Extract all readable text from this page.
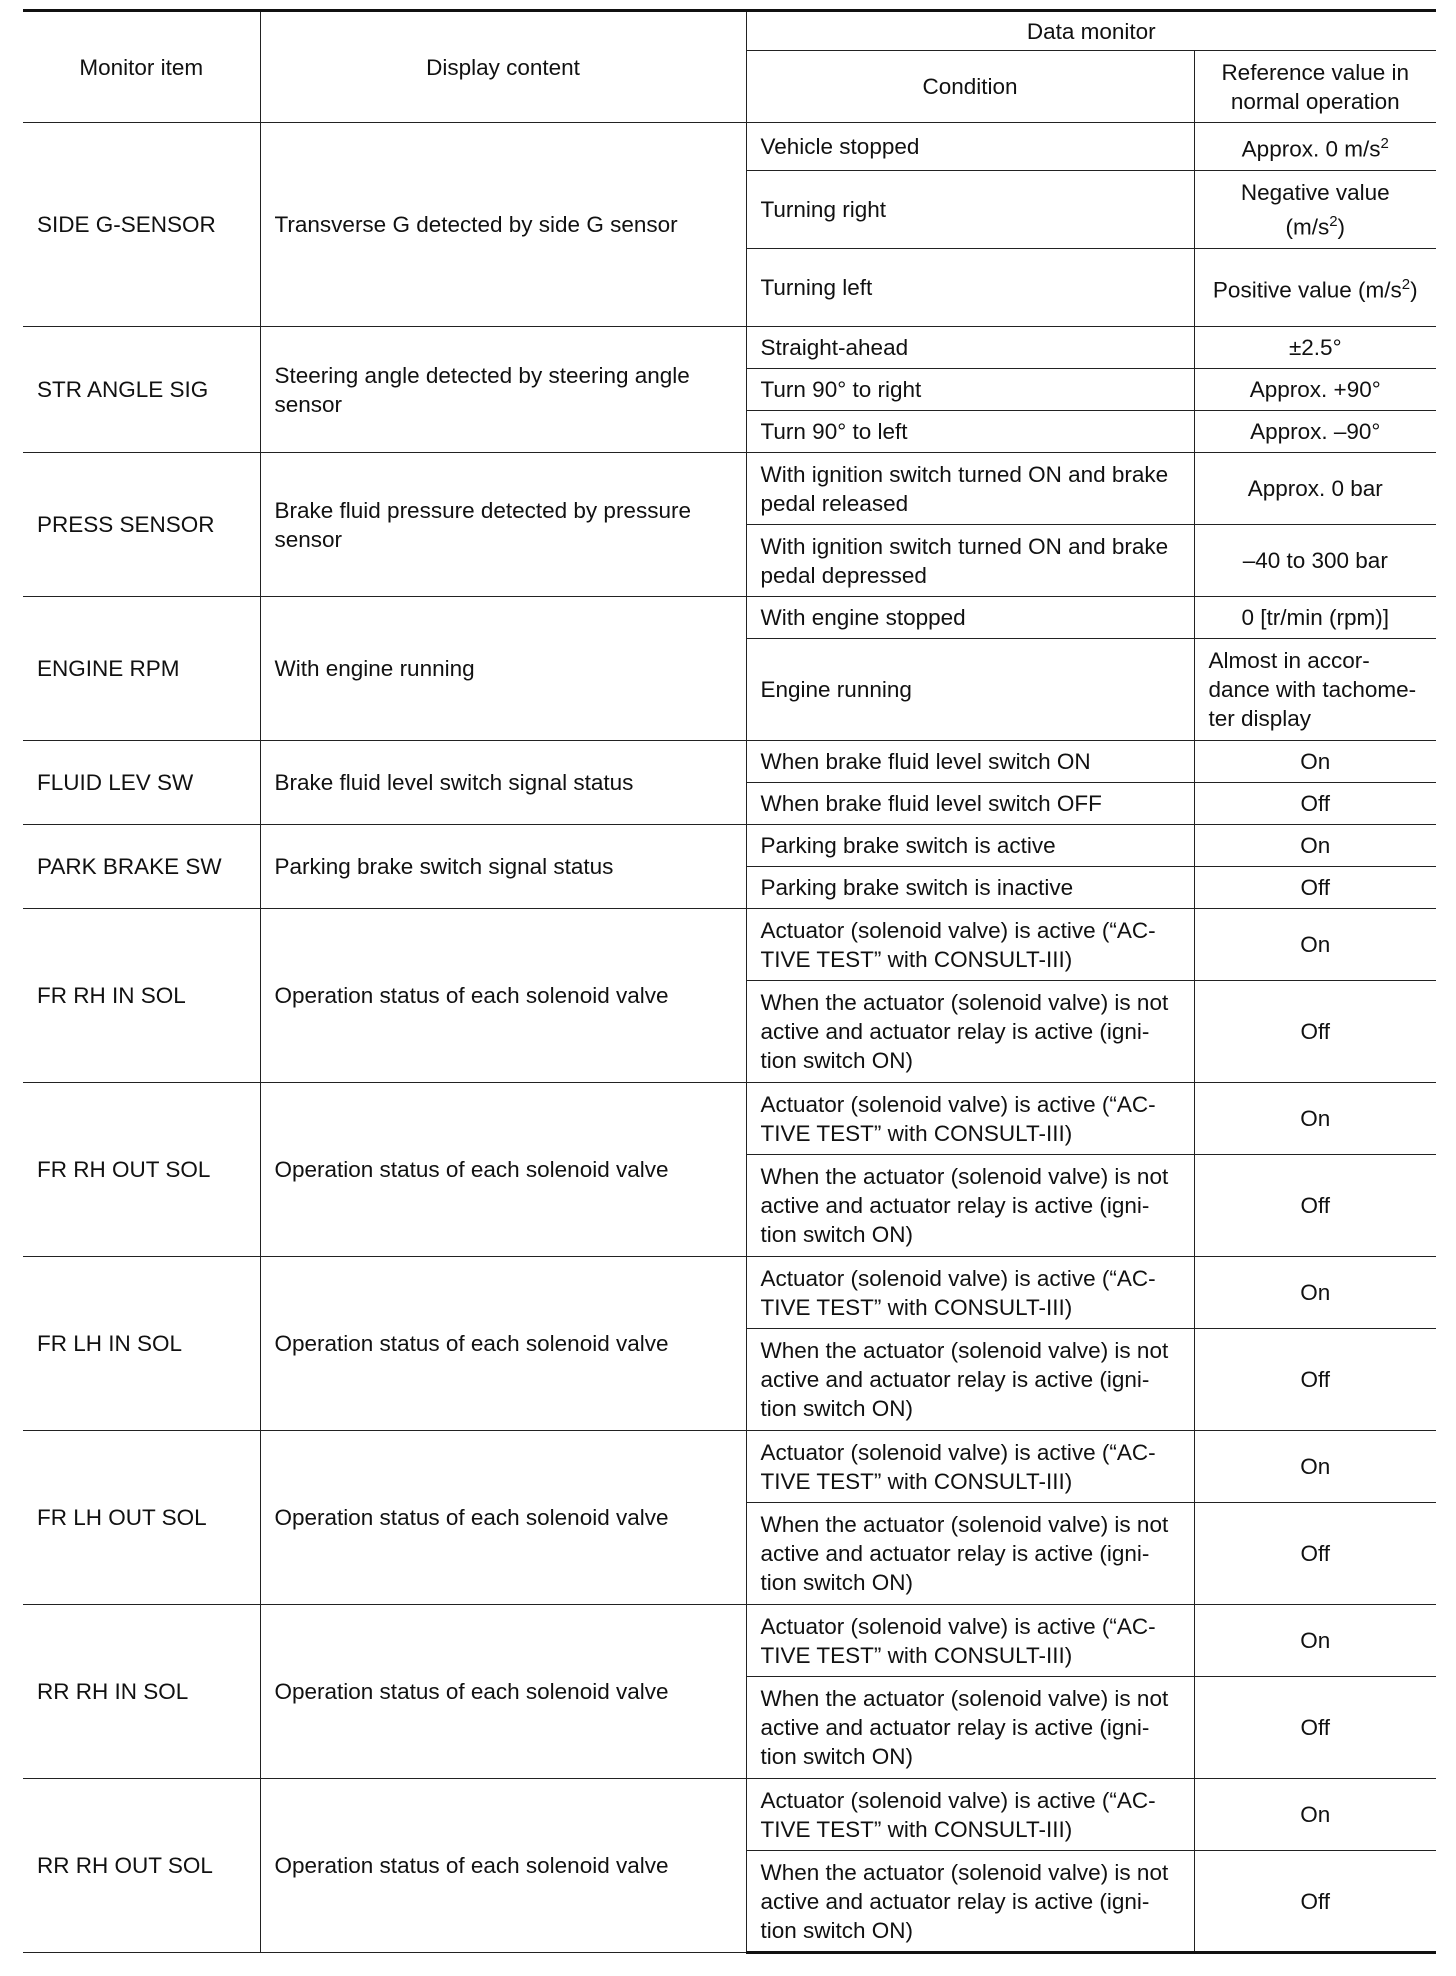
Monitor item	Display content	Data monitor	
		Condition	Reference value in normal operation
SIDE G-SENSOR	Transverse G detected by side G sensor	Vehicle stopped	Approx. 0 $m/s^2$
		Turning right	Negative value $(m/s^2)$
		Turning left	Positive value $(m/s^2)$
STR ANGLE SIG	Steering angle detected by steering angle sensor	Straight-ahead	±2.5°
		Turn 90° to right	Approx. +90°
		Turn 90° to left	Approx. –90°
PRESS SENSOR	Brake fluid pressure detected by pressure sensor	With ignition switch turned ON and brake pedal released	Approx. 0 bar
		With ignition switch turned ON and brake pedal depressed	–40 to 300 bar
ENGINE RPM	With engine running	With engine stopped	0 [tr/min (rpm)]
		Engine running	Almost in accor-
dance with tachome-
ter display
FLUID LEV SW	Brake fluid level switch signal status	When brake fluid level switch ON	On
		When brake fluid level switch OFF	Off
PARK BRAKE SW	Parking brake switch signal status	Parking brake switch is active	On
		Parking brake switch is inactive	Off
FR RH IN SOL	Operation status of each solenoid valve	Actuator (solenoid valve) is active (“AC-
TIVE TEST” with CONSULT-III)	On
		When the actuator (solenoid valve) is not
active and actuator relay is active (igni-
tion switch ON)	Off
FR RH OUT SOL	Operation status of each solenoid valve	Actuator (solenoid valve) is active (“AC-
TIVE TEST” with CONSULT-III)	On
		When the actuator (solenoid valve) is not
active and actuator relay is active (igni-
tion switch ON)	Off
FR LH IN SOL	Operation status of each solenoid valve	Actuator (solenoid valve) is active (“AC-
TIVE TEST” with CONSULT-III)	On
		When the actuator (solenoid valve) is not
active and actuator relay is active (igni-
tion switch ON)	Off
FR LH OUT SOL	Operation status of each solenoid valve	Actuator (solenoid valve) is active (“AC-
TIVE TEST” with CONSULT-III)	On
		When the actuator (solenoid valve) is not
active and actuator relay is active (igni-
tion switch ON)	Off
RR RH IN SOL	Operation status of each solenoid valve	Actuator (solenoid valve) is active (“AC-
TIVE TEST” with CONSULT-III)	On
		When the actuator (solenoid valve) is not
active and actuator relay is active (igni-
tion switch ON)	Off
RR RH OUT SOL	Operation status of each solenoid valve	Actuator (solenoid valve) is active (“AC-
TIVE TEST” with CONSULT-III)	On
		When the actuator (solenoid valve) is not
active and actuator relay is active (igni-
tion switch ON)	Off
